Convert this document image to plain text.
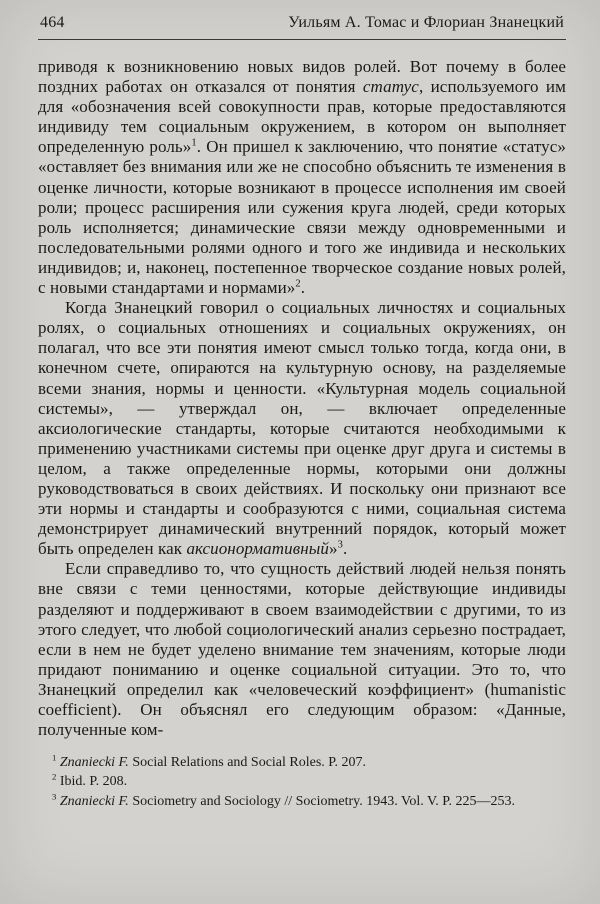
464	Уильям А. Томас и Флориан Знанецкий

приводя к возникновению новых видов ролей. Вот почему в более поздних работах он отказался от понятия статус, используемого им для «обозначения всей совокупности прав, которые предоставляются индивиду тем социальным окружением, в котором он выполняет определенную роль»$^1$. Он пришел к заключению, что понятие «статус» «оставляет без внимания или же не способно объяснить те изменения в оценке личности, которые возникают в процессе исполнения им своей роли; процесс расширения или сужения круга людей, среди которых роль исполняется; динамические связи между одновременными и последовательными ролями одного и того же индивида и нескольких индивидов; и, наконец, постепенное творческое создание новых ролей, с новыми стандартами и нормами»$^2$.

Когда Знанецкий говорил о социальных личностях и социальных ролях, о социальных отношениях и социальных окружениях, он полагал, что все эти понятия имеют смысл только тогда, когда они, в конечном счете, опираются на культурную основу, на разделяемые всеми знания, нормы и ценности. «Культурная модель социальной системы», — утверждал он, — включает определенные аксиологические стандарты, которые считаются необходимыми к применению участниками системы при оценке друг друга и системы в целом, а также определенные нормы, которыми они должны руководствоваться в своих действиях. И поскольку они признают все эти нормы и стандарты и сообразуются с ними, социальная система демонстрирует динамический внутренний порядок, который может быть определен как аксионормативный»$^3$.

Если справедливо то, что сущность действий людей нельзя понять вне связи с теми ценностями, которые действующие индивиды разделяют и поддерживают в своем взаимодействии с другими, то из этого следует, что любой социологический анализ серьезно пострадает, если в нем не будет уделено внимание тем значениям, которые люди придают пониманию и оценке социальной ситуации. Это то, что Знанецкий определил как «человеческий коэффициент» (humanistic coefficient). Он объяснял его следующим образом: «Данные, полученные ком-

$^1$ Znaniecki F. Social Relations and Social Roles. P. 207.

$^2$ Ibid. P. 208.

$^3$ Znaniecki F. Sociometry and Sociology // Sociometry. 1943. Vol. V. P. 225—253.
